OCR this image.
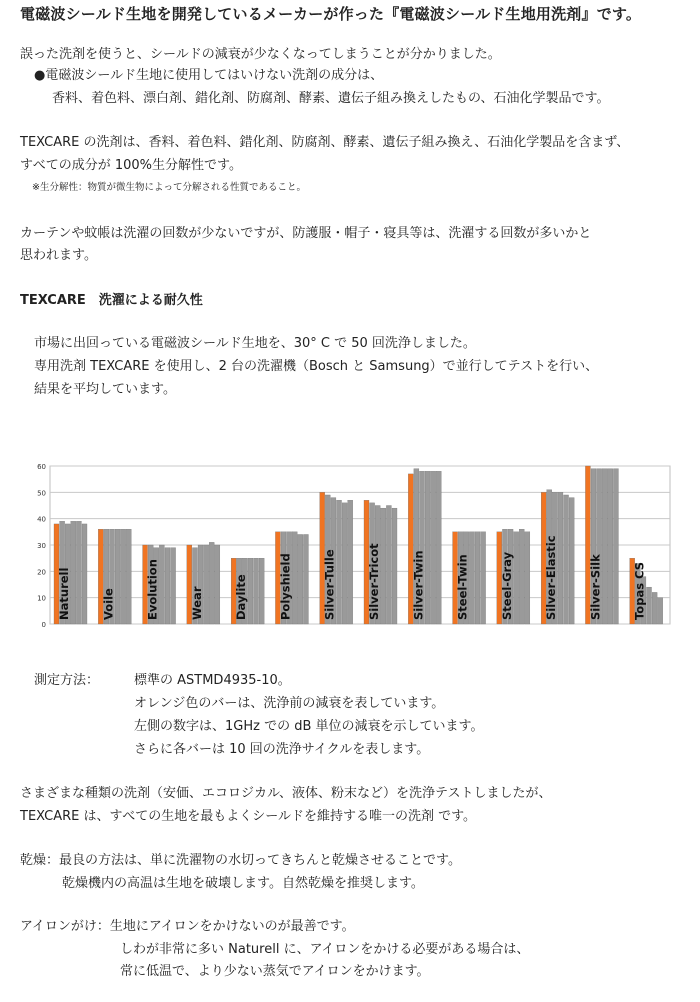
電磁波シールド生地を開発しているメーカーが作った『電磁波シールド生地用洗剤』です。
誤った洗剤を使うと、シールドの減衰が少なくなってしまうことが分かりました。
●電磁波シールド生地に使用してはいけない洗剤の成分は、
香料、着色料、漂白剤、錯化剤、防腐剤、酵素、遺伝子組み換えしたもの、石油化学製品です。
TEXCARE の洗剤は、香料、着色料、錯化剤、防腐剤、酵素、遺伝子組み換え、石油化学製品を含まず、
すべての成分が 100%生分解性です。
※生分解性：物質が微生物によって分解される性質であること。
カーテンや蚊帳は洗濯の回数が少ないですが、防護服・帽子・寝具等は、洗濯する回数が多いかと
思われます。
TEXCARE　洗濯による耐久性
市場に出回っている電磁波シールド生地を、30° C で 50 回洗浄しました。
専用洗剤 TEXCARE を使用し、2 台の洗濯機（Bosch と Samsung）で並行してテストを行い、
結果を平均しています。
0
10
20
30
40
50
60
Naturell	Voile	Evolution	Wear	Daylite	Polyshield	Silver-Tulle	Silver-Tricot	Silver-Twin	Steel-Twin	Steel-Gray	Silver-Elastic	Silver-Silk	Topas CS
測定方法：	標準の ASTMD4935-10。
オレンジ色のバーは、洗浄前の減衰を表しています。
左側の数字は、1GHz での dB 単位の減衰を示しています。
さらに各バーは 10 回の洗浄サイクルを表します。
さまざまな種類の洗剤（安価、エコロジカル、液体、粉末など）を洗浄テストしましたが、
TEXCARE は、すべての生地を最もよくシールドを維持する唯一の洗剤 です。
乾燥：最良の方法は、単に洗濯物の水切ってきちんと乾燥させることです。
乾燥機内の高温は生地を破壊します。自然乾燥を推奨します。
アイロンがけ：生地にアイロンをかけないのが最善です。
しわが非常に多い Naturell に、アイロンをかける必要がある場合は、
常に低温で、より少ない蒸気でアイロンをかけます。
